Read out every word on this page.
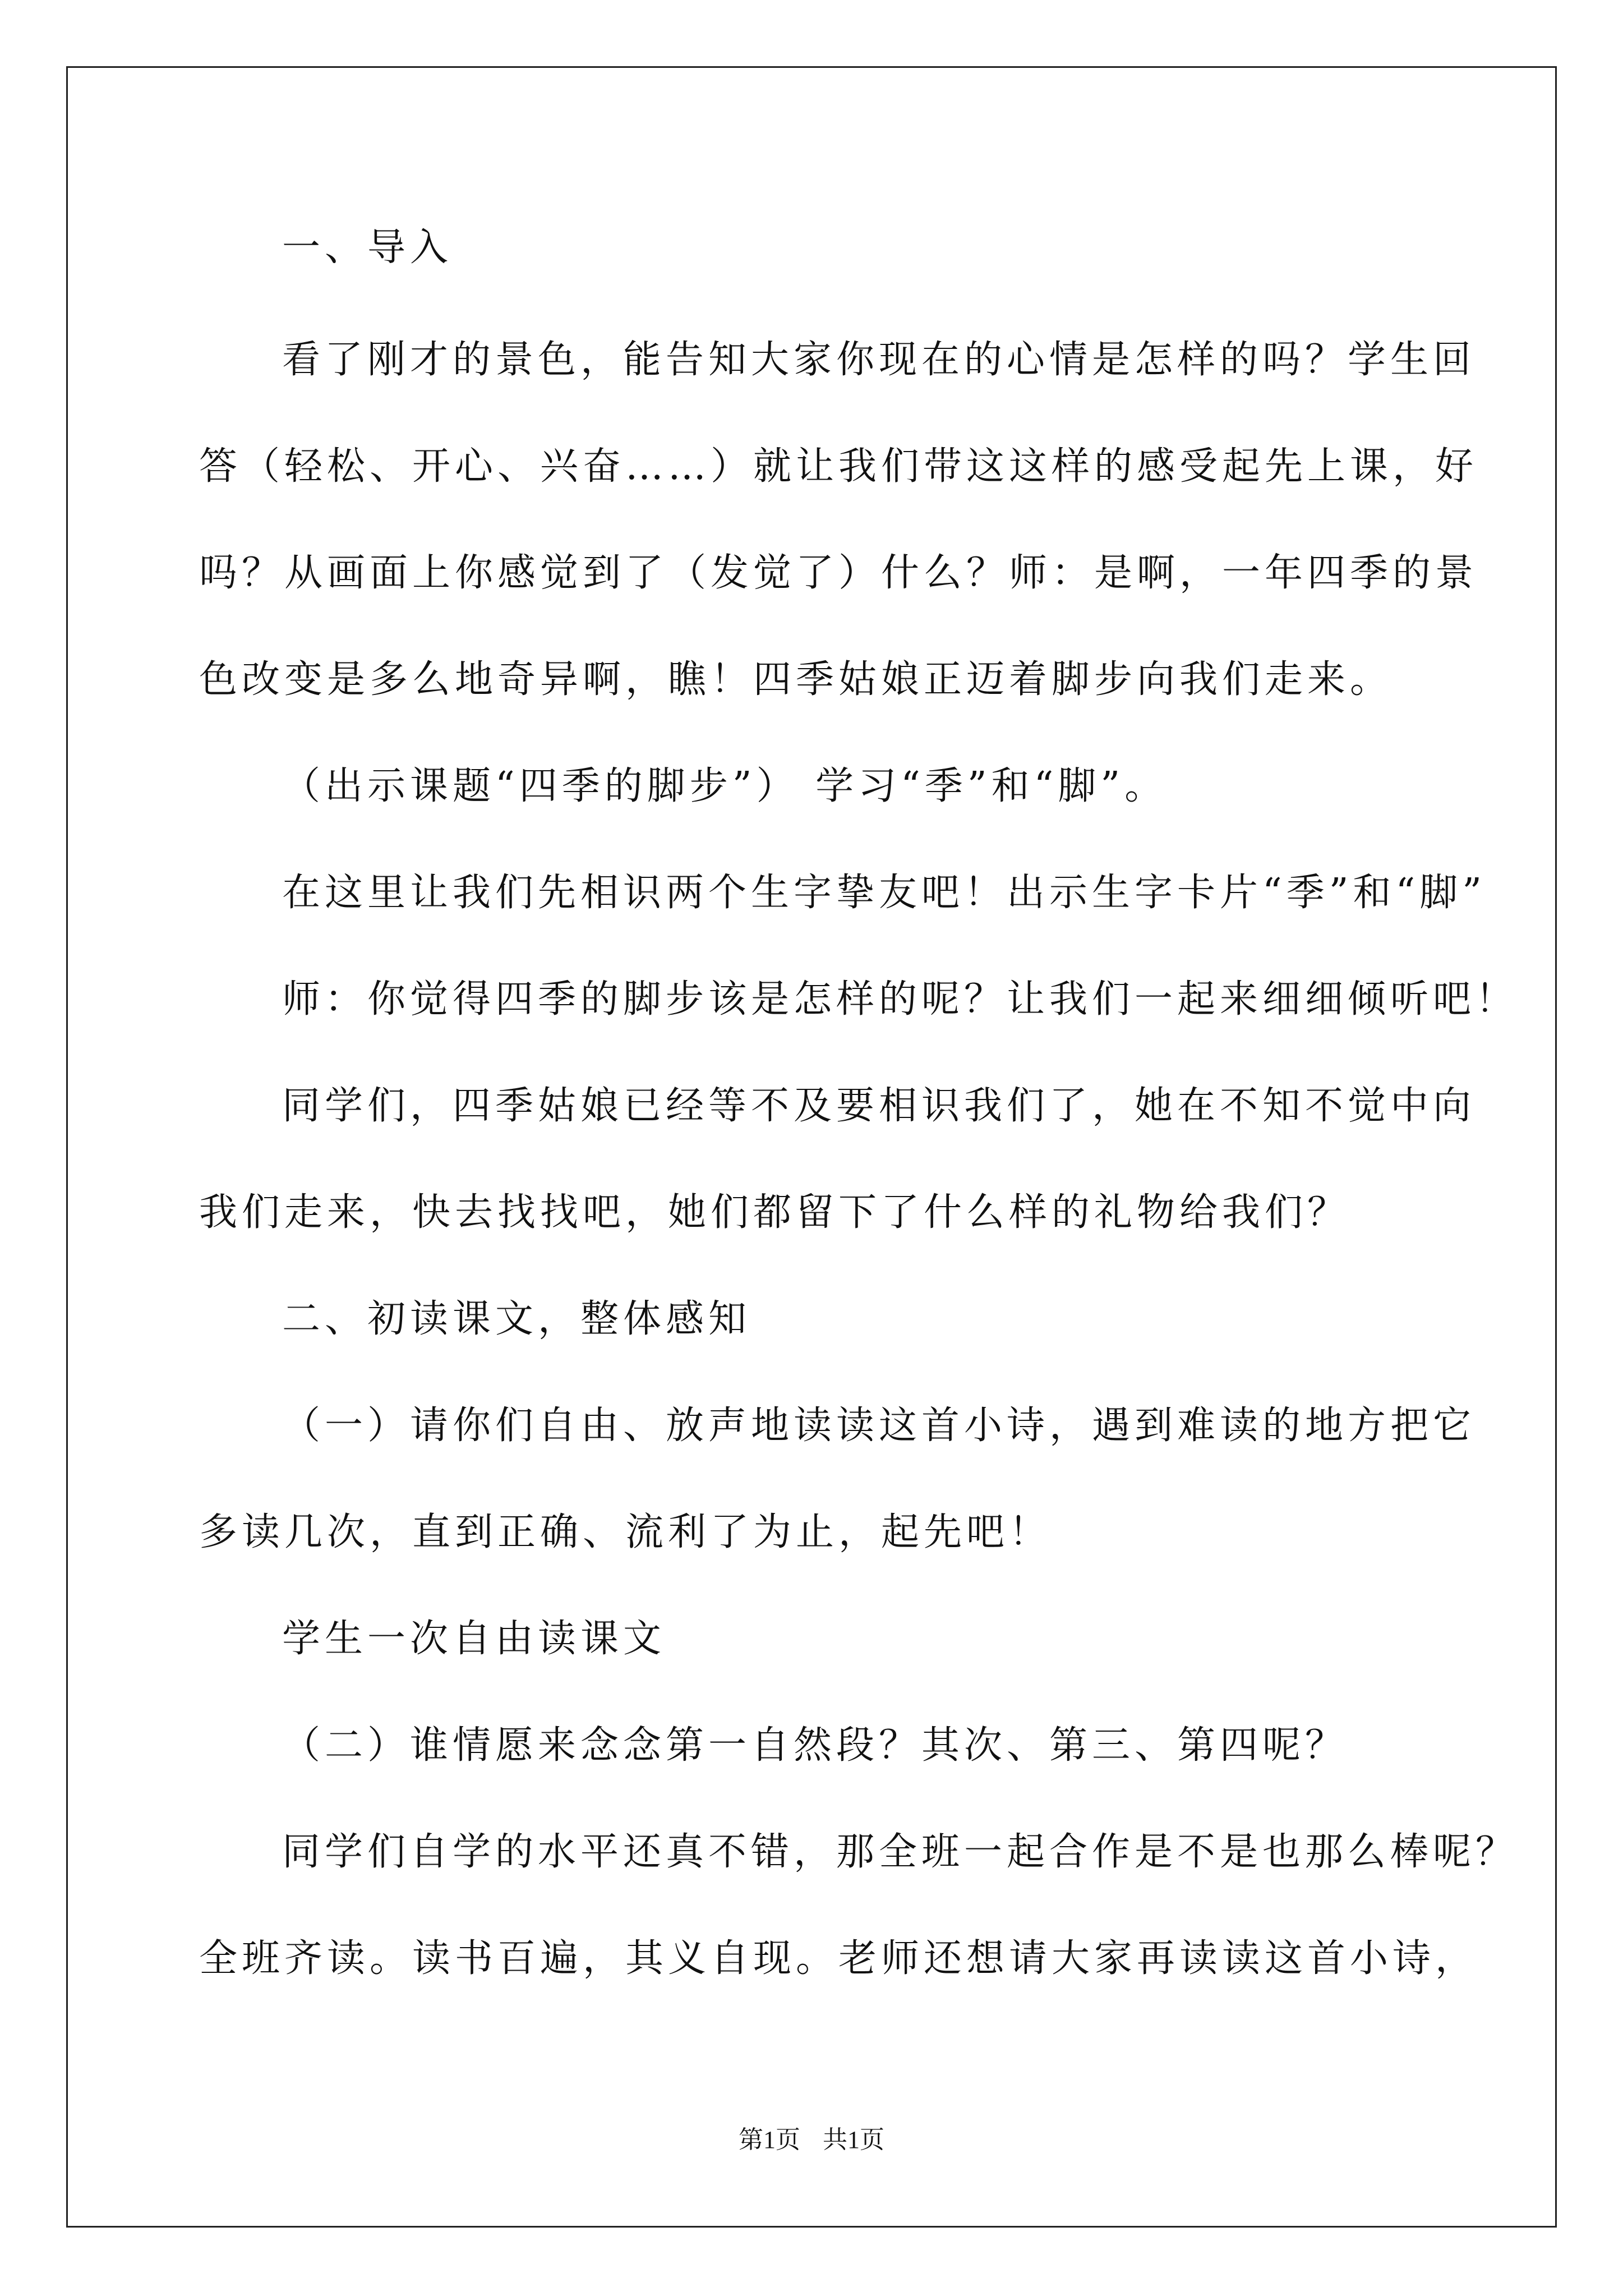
一、导入
看了刚才的景色，能告知大家你现在的心情是怎样的吗？学生回
答（轻松、开心、兴奋……）就让我们带这这样的感受起先上课，好
吗？从画面上你感觉到了（发觉了）什么？师：是啊，一年四季的景
色改变是多么地奇异啊，瞧！四季姑娘正迈着脚步向我们走来。
（出示课题“四季的脚步”） 学习“季”和“脚”。
在这里让我们先相识两个生字挚友吧！出示生字卡片“季”和“脚”
师：你觉得四季的脚步该是怎样的呢？让我们一起来细细倾听吧！
同学们，四季姑娘已经等不及要相识我们了，她在不知不觉中向
我们走来，快去找找吧，她们都留下了什么样的礼物给我们？
二、初读课文，整体感知
（一）请你们自由、放声地读读这首小诗，遇到难读的地方把它
多读几次，直到正确、流利了为止，起先吧！
学生一次自由读课文
（二）谁情愿来念念第一自然段？其次、第三、第四呢？
同学们自学的水平还真不错，那全班一起合作是不是也那么棒呢？
全班齐读。读书百遍，其义自现。老师还想请大家再读读这首小诗，
第1页 共1页
